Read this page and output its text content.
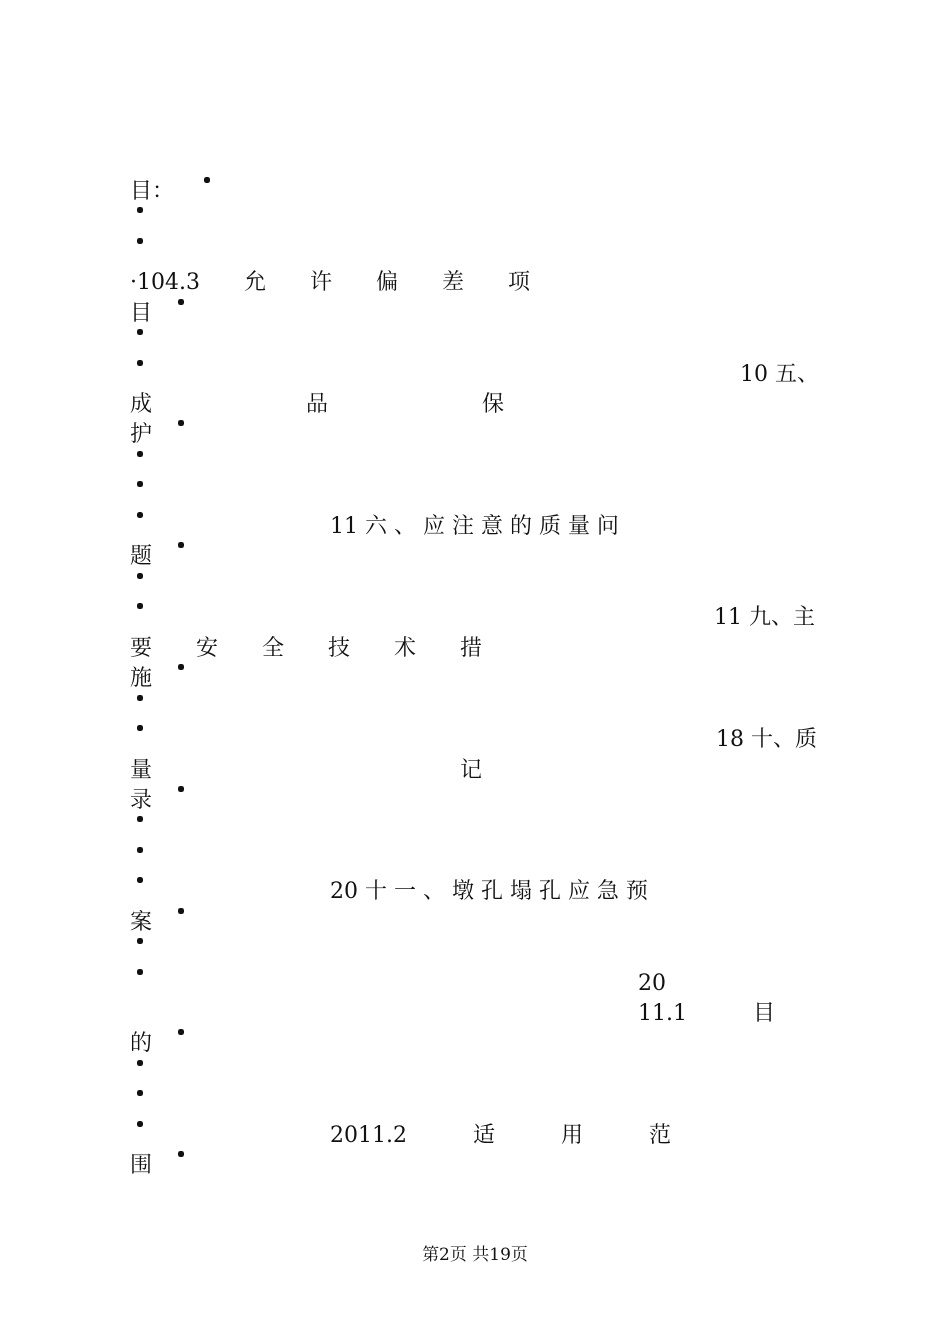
目：

·104.3　　允　　许　　偏　　差　　项

目

10 五、

成　　　　　　　品　　　　　　　保

护

11 六 、 应 注 意 的 质 量 问

题

11 九、主

要　　安　　全　　技　　术　　措

施

18 十、质

量　　　　　　　　　　　　　　记

录

20 十 一 、 墩 孔 塌 孔 应 急 预

案

20

11.1　　　目

的

2011.2　　　适　　　用　　　范

围

第2页 共19页
